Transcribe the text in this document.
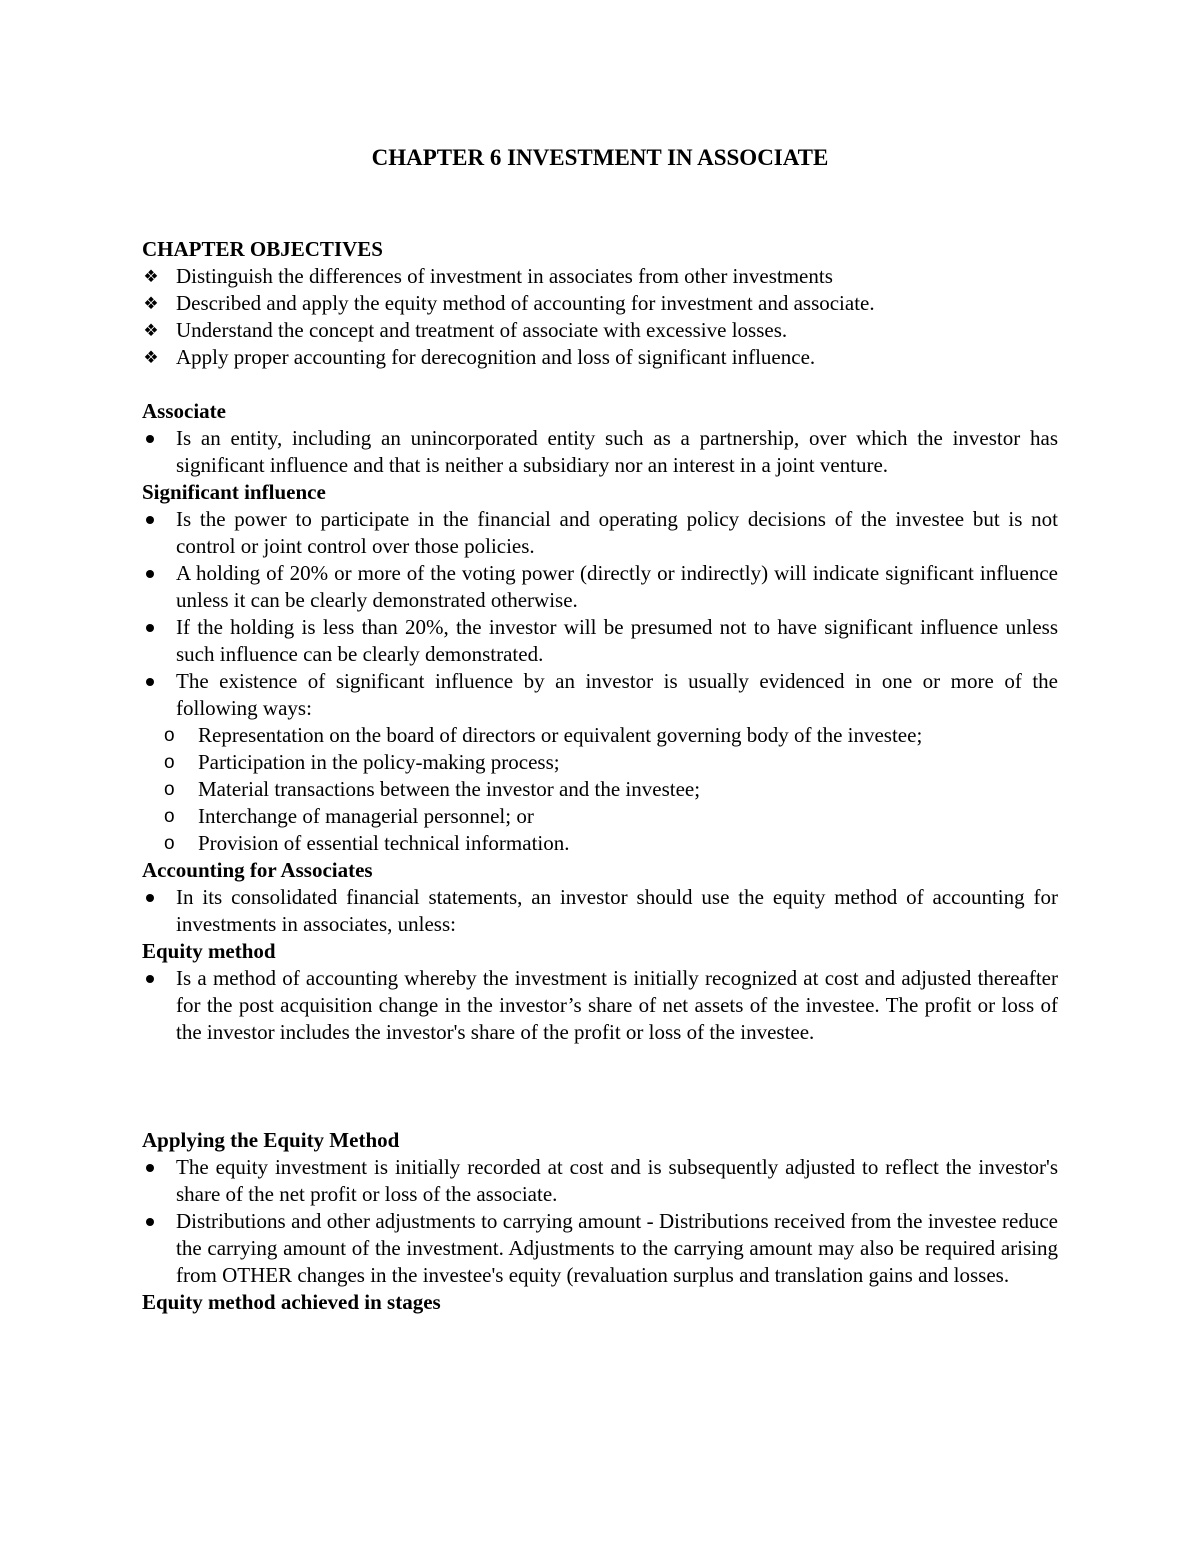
CHAPTER 6 INVESTMENT IN ASSOCIATE

CHAPTER OBJECTIVES

❖ Distinguish the differences of investment in associates from other investments
❖ Described and apply the equity method of accounting for investment and associate.
❖ Understand the concept and treatment of associate with excessive losses.
❖ Apply proper accounting for derecognition and loss of significant influence.

Associate

Is an entity, including an unincorporated entity such as a partnership, over which the investor has significant influence and that is neither a subsidiary nor an interest in a joint venture.

Significant influence

Is the power to participate in the financial and operating policy decisions of the investee but is not control or joint control over those policies.
A holding of 20% or more of the voting power (directly or indirectly) will indicate significant influence unless it can be clearly demonstrated otherwise.
If the holding is less than 20%, the investor will be presumed not to have significant influence unless such influence can be clearly demonstrated.
The existence of significant influence by an investor is usually evidenced in one or more of the following ways:
o	Representation on the board of directors or equivalent governing body of the investee;
o	Participation in the policy-making process;
o	Material transactions between the investor and the investee;
o	Interchange of managerial personnel; or
o	Provision of essential technical information.

Accounting for Associates

In its consolidated financial statements, an investor should use the equity method of accounting for investments in associates, unless:

Equity method

Is a method of accounting whereby the investment is initially recognized at cost and adjusted thereafter for the post acquisition change in the investor’s share of net assets of the investee. The profit or loss of the investor includes the investor's share of the profit or loss of the investee.

Applying the Equity Method

The equity investment is initially recorded at cost and is subsequently adjusted to reflect the investor's share of the net profit or loss of the associate.
Distributions and other adjustments to carrying amount - Distributions received from the investee reduce the carrying amount of the investment. Adjustments to the carrying amount may also be required arising from OTHER changes in the investee's equity (revaluation surplus and translation gains and losses.

Equity method achieved in stages
